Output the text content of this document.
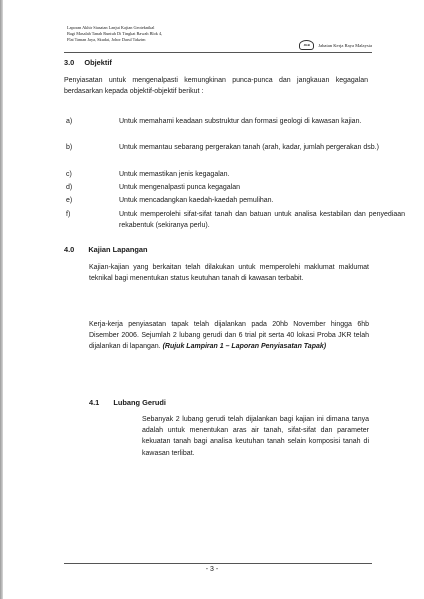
Laporan Akhir Siasatan Lanjut Kajian Geoteknikal
Bagi Masalah Tanah Runtuh Di Tingkat Bawah Blok 4,
Flat Taman Jaya, Skudai, Johor Darul Takzim
JKR	Jabatan Kerja Raya Malaysia
3.0 Objektif
Penyiasatan untuk mengenalpasti kemungkinan punca-punca dan jangkauan kegagalan berdasarkan kepada objektif-objektif berikut :
a)	Untuk memahami keadaan substruktur dan formasi geologi di kawasan kajian.
b)	Untuk memantau sebarang pergerakan tanah (arah, kadar, jumlah pergerakan dsb.)
c)	Untuk memastikan jenis kegagalan.
d)	Untuk mengenalpasti punca kegagalan
e)	Untuk mencadangkan kaedah-kaedah pemulihan.
f)	Untuk memperolehi sifat-sifat tanah dan batuan untuk analisa kestabilan dan penyediaan rekabentuk (sekiranya perlu).
4.0 Kajian Lapangan
Kajian-kajian yang berkaitan telah dilakukan untuk memperolehi maklumat maklumat teknikal bagi menentukan status keutuhan tanah di kawasan terbabit.
Kerja-kerja penyiasatan tapak telah dijalankan pada 20hb November hingga 6hb Disember 2006. Sejumlah 2 lubang gerudi dan 6 trial pit serta 40 lokasi Proba JKR telah dijalankan di lapangan. (Rujuk Lampiran 1 – Laporan Penyiasatan Tapak)
4.1 Lubang Gerudi
Sebanyak 2 lubang gerudi telah dijalankan bagi kajian ini dimana tanya adalah untuk menentukan aras air tanah, sifat-sifat dan parameter kekuatan tanah bagi analisa keutuhan tanah selain komposisi tanah di kawasan terlibat.
- 3 -
